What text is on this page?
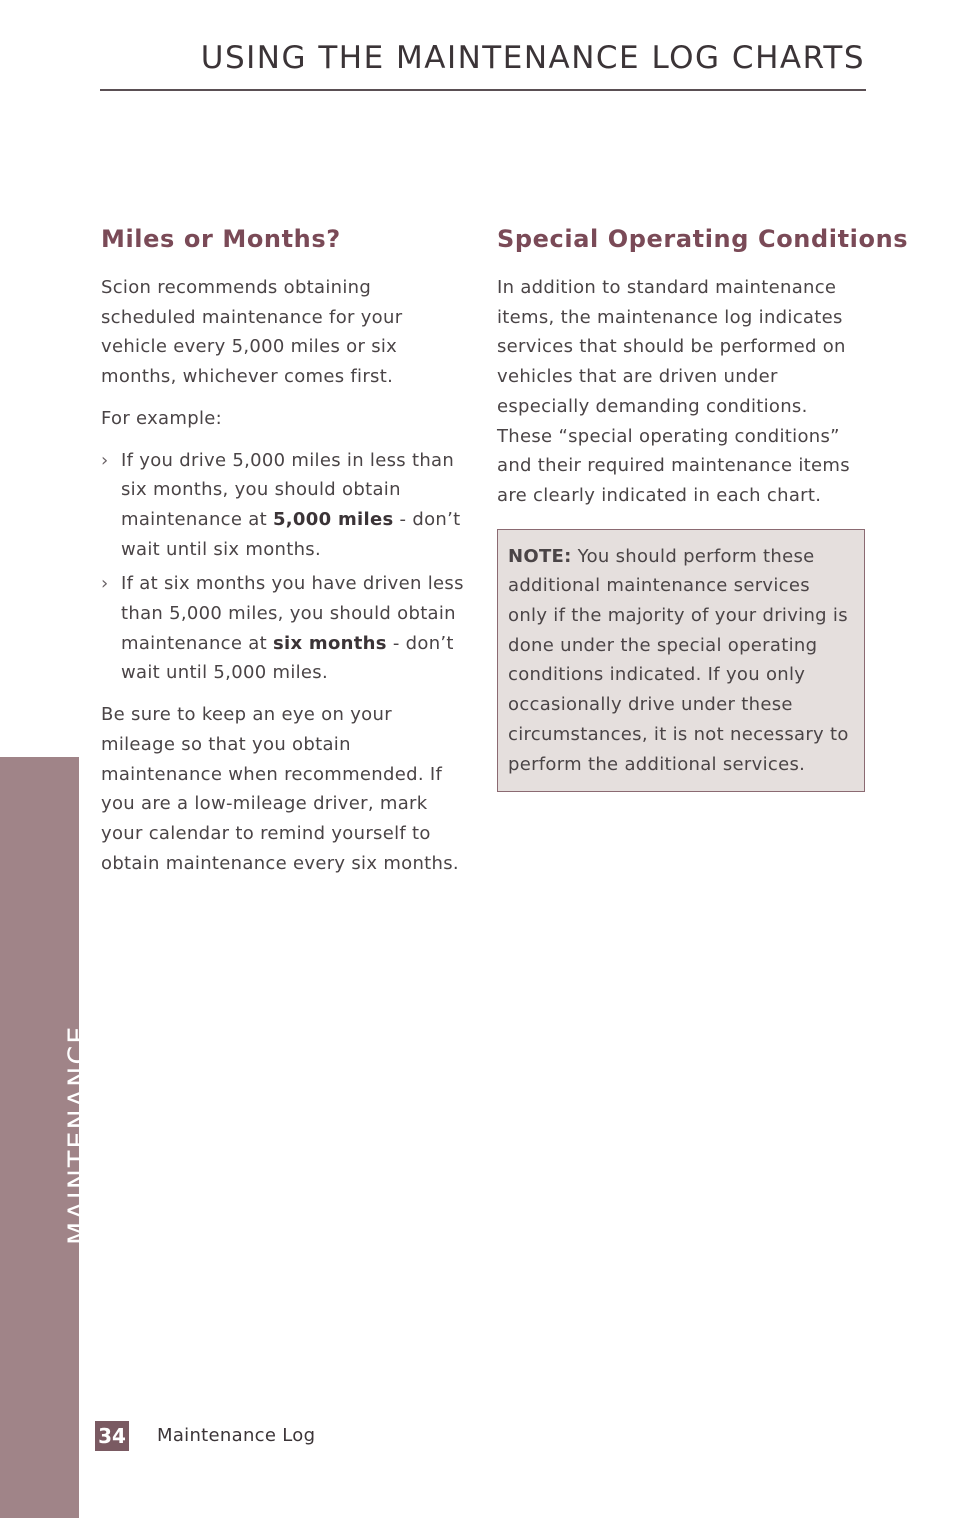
USING THE MAINTENANCE LOG CHARTS
Miles or Months?

Scion recommends obtaining scheduled maintenance for your vehicle every 5,000 miles or six months, whichever comes first.

For example:

› If you drive 5,000 miles in less than six months, you should obtain maintenance at 5,000 miles - don’t wait until six months.
› If at six months you have driven less than 5,000 miles, you should obtain maintenance at six months - don’t wait until 5,000 miles.

Be sure to keep an eye on your mileage so that you obtain maintenance when recommended. If you are a low-mileage driver, mark your calendar to remind yourself to obtain maintenance every six months.

Special Operating Conditions

In addition to standard maintenance items, the maintenance log indicates services that should be performed on vehicles that are driven under especially demanding conditions. These “special operating conditions” and their required maintenance items are clearly indicated in each chart.

NOTE: You should perform these additional maintenance services only if the majority of your driving is done under the special operating conditions indicated. If you only occasionally drive under these circumstances, it is not necessary to perform the additional services.

MAINTENANCE
34 Maintenance Log
